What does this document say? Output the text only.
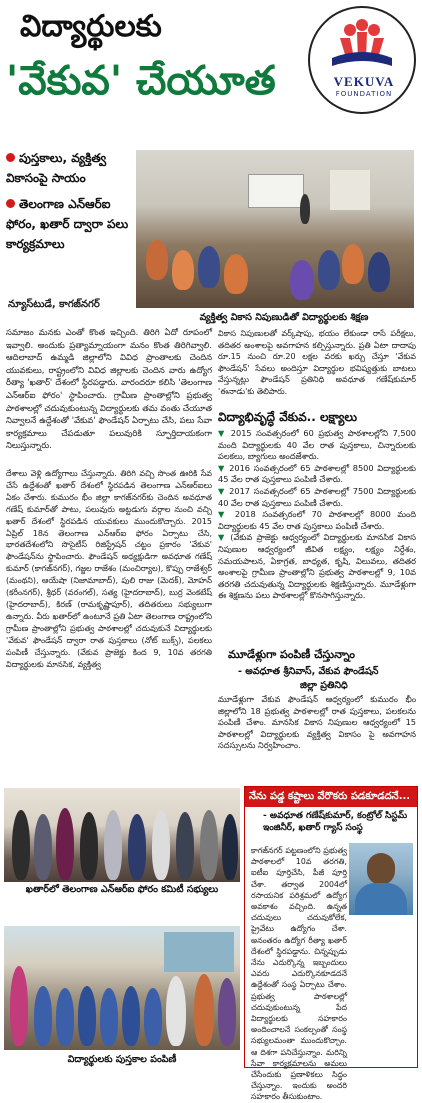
విద్యార్థులకు
'వేకువ' చేయూత	VEKUVA
FOUNDATION
పుస్తకాలు, వ్యక్తిత్వ వికాసంపై సాయం
తెలంగాణ ఎన్ఆర్ఐ ఫోరం, ఖతార్ ద్వారా పలు కార్యక్రమాలు
న్యూస్‌టుడే, కాగజ్‌నగర్
వ్యక్తిత్వ వికాస నిపుణుడితో విద్యార్థులకు శిక్షణ
సమాజం మనకు ఎంతో కొంత ఇచ్చింది. తిరిగి ఏదో రూపంలో ఇవ్వాలి. అందుకు ప్రత్యామ్నాయంగా మనం కొంత తిరిగివ్వాలి. ఆదిలాబాద్ ఉమ్మడి జిల్లాలోని వివిధ ప్రాంతాలకు చెందిన యువకులు, రాష్ట్రంలోని వివిధ జిల్లాలకు చెందిన వారు ఉద్యోగ రీత్యా 'ఖతార్' దేశంలో స్థిరపడ్డారు. వారందరూ కలిసి 'తెలంగాణ ఎన్ఆర్ఐ ఫోరం' స్థాపించారు. గ్రామీణ ప్రాంతాల్లోని ప్రభుత్వ పాఠశాలల్లో చదువుకుంటున్న విద్యార్థులకు తమ వంతు చేయూత నివ్వాలనే ఉద్దేశంతో 'వేకువ' ఫౌండేషన్ ఏర్పాటు చేసి, పలు సేవా కార్యక్రమాలు చేపడుతూ పలువురికి స్ఫూర్తిదాయకంగా నిలుస్తున్నారు.
దేశాలు వెళ్లి ఉద్యోగాలు చేస్తున్నారు. తిరిగి వచ్చి సొంత ఊరికి సేవ చేసే ఉద్దేశంతో ఖతార్ దేశంలో స్థిరపడిన తెలంగాణ ఎన్ఆర్ఐలు ఏకం చేశారు. కుమురం భీం జిల్లా కాగజ్‌నగర్‌కు చెందిన అవధూత గణేష్ కుమార్‌తో పాటు, పలువురు అట్టడుగు వర్గాల నుంచి వచ్చి ఖతార్ దేశంలో స్థిరపడిన యువకులు ముందుకొచ్చారు. 2015 ఏప్రిల్ 18న తెలంగాణ ఎన్ఆర్ఐ ఫోరం ఏర్పాటు చేసి, భారతదేశంలోని సొసైటీస్ రిజిస్ట్రేషన్ చట్టం ప్రకారం 'వేకువ' ఫౌండేషన్‌ను స్థాపించారు. ఫౌండేషన్ అధ్యక్షుడిగా అవధూత గణేష్ కుమార్ (కాగజ్‌నగర్), గజ్జల రాజేశం (మంచిర్యాల), కొప్పు రాజేశ్వర్ (మంథని), ఆయేషా (నిజామాబాద్), పులి రాజు (మెదక్), మోహన్ (కరీంనగర్), శ్రీధర్ (వరంగల్), సత్య (హైదరాబాద్), బుర్ర వెంకటేష్ (హైదరాబాద్), కిరణ్ (రామకృష్ణాపూర్), తదితరులు సభ్యులుగా ఉన్నారు. వీరు ఖతార్‌లో ఉంటూనే ప్రతి ఏటా తెలంగాణ రాష్ట్రంలోని గ్రామీణ ప్రాంతాల్లోని ప్రభుత్వ పాఠశాలల్లో చదువుకునే విద్యార్థులకు 'వేకువ' ఫౌండేషన్ ద్వారా రాత పుస్తకాలు (నోట్ బుక్స్), పలకలు పంపిణీ చేస్తున్నారు. (వేకువ ప్రాజెక్టు కింద 9, 10వ తరగతి విద్యార్థులకు మానసిక, వ్యక్తిత్వ
వికాస నిపుణులతో వర్క్‌షాపు, భయం లేకుండా రాసే పరీక్షలు, తదితర అంశాలపై అవగాహన కల్పిస్తున్నారు. ప్రతి ఏటా దాదాపు రూ.15 నుంచి రూ.20 లక్షల వరకు ఖర్చు చేస్తూ 'వేకువ ఫౌండేషన్' సేవలు అందిస్తూ విద్యార్థుల భవిష్యత్తుకు బాటలు వేస్తున్నట్లు ఫౌండేషన్ ప్రతినిధి అవధూత గణేష్‌కుమార్ 'ఈనాడు'కు తెలిపారు.
విద్యాభివృద్ధే వేకువ.. లక్ష్యాలు
▼ 2015 సంవత్సరంలో 60 ప్రభుత్వ పాఠశాలల్లోని 7,500 మంది విద్యార్థులకు 40 వేల రాత పుస్తకాలు, చిన్నారులకు పలకలు, బ్యాగులు అందజేశారు.
▼ 2016 సంవత్సరంలో 65 పాఠశాలల్లో 8500 విద్యార్థులకు 45 వేల రాత పుస్తకాలు పంపిణీ చేశారు.
▼ 2017 సంవత్సరంలో 65 పాఠశాలల్లో 7500 విద్యార్థులకు 40 వేల రాత పుస్తకాలు పంపిణీ చేశారు.
▼ 2018 సంవత్సరంలో 70 పాఠశాలల్లో 8000 మంది విద్యార్థులకు 45 వేల రాత పుస్తకాలు పంపిణీ చేశారు.
▼ (వేకువ ప్రాజెక్టు ఆధ్వర్యంలో విద్యార్థులకు మానసిక వికాస నిపుణుల ఆధ్వర్యంలో జీవిత లక్ష్యం, లక్ష్యం నిర్దేశం, సమయపాలన, ఏకాగ్రత, బాధ్యత, కృషి, విలువలు, తదితర అంశాలపై గ్రామీణ ప్రాంతాల్లోని ప్రభుత్వ పాఠశాలల్లో 9, 10వ తరగతి చదువుతున్న విద్యార్థులకు శిక్షణిస్తున్నారు. మూడేళ్లుగా ఈ శిక్షణను పలు పాఠశాలల్లో కొనసాగిస్తున్నారు.
మూడేళ్లుగా పంపిణీ చేస్తున్నాం
- అవధూత శ్రీనివాస్, వేకువ ఫౌండేషన్
జిల్లా ప్రతినిధి
మూడేళ్లుగా వేకువ ఫౌండేషన్ ఆధ్వర్యంలో కుమురం భీం జిల్లాలోని 18 ప్రభుత్వ పాఠశాలల్లో రాత పుస్తకాలు, పలకలను పంపిణీ చేశాం. మానసిక వికాస నిపుణుల ఆధ్వర్యంలో 15 పాఠశాలల్లో విద్యార్థులకు వ్యక్తిత్వ వికాసం పై అవగాహన సదస్సులను నిర్వహించాం.
ఖతార్‌లో తెలంగాణ ఎన్ఆర్ఐ ఫోరం కమిటీ సభ్యులు
విద్యార్థులకు పుస్తకాల పంపిణీ
నేను పడ్డ కష్టాలు వేరొకరు పడకూడదనే...
- అవధూత గణేష్‌కుమార్, కంట్రోల్ సిస్టమ్ ఇంజినీర్, ఖతార్ గ్యాస్ సంస్థ
కాగజ్‌నగర్ పట్టణంలోని ప్రభుత్వ పాఠశాలలో 10వ తరగతి, ఐటీఐ పూర్తిచేసి, పీజీ పూర్తి చేశా. తర్వాత 2004లో రసాయనిక పరిశ్రమలో ఉద్యోగ అవకాశం వచ్చింది. ఉన్నత చదువులు చదువుకోలేక, ప్రైవేటు ఉద్యోగం చేశా. అనంతరం ఉద్యోగ రీత్యా ఖతార్ దేశంలో స్థిరపడ్డాను. చిన్నప్పుడు నేను ఎదుర్కొన్న ఇబ్బందులు ఎవరు ఎదుర్కొనకూడదనే ఉద్దేశంతో సంస్థ ఏర్పాటు చేశాం. ప్రభుత్వ పాఠశాలల్లో చదువుకుంటున్న పేద విద్యార్థులకు సహకారం అందించాలనే సంకల్పంతో సంస్థ సభ్యులమంతా ముందుకొచ్చాం. ఆ దిశగా పనిచేస్తున్నాం. మరిన్ని సేవా కార్యక్రమాలను అమలు చేసేందుకు ప్రణాళికలు సిద్ధం చేస్తున్నాం. ఇందుకు అందరి సహకారం తీసుకుంటాం.
